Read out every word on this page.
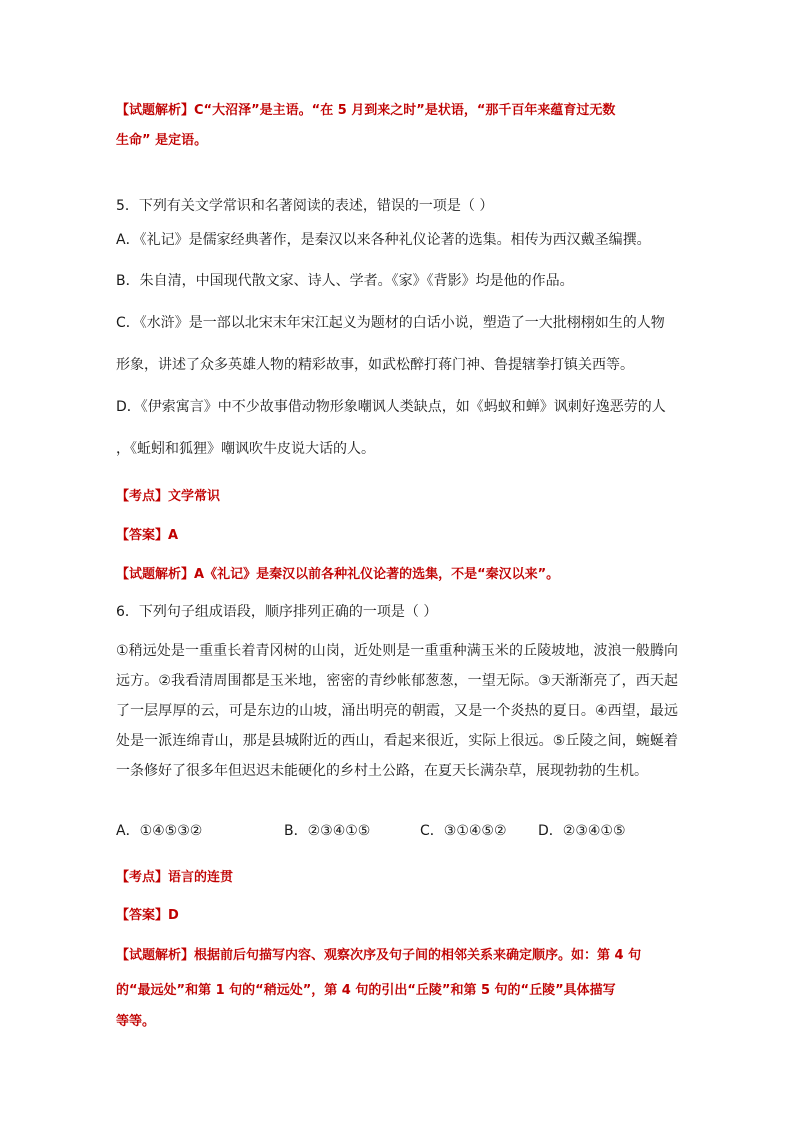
【试题解析】C“大沼泽”是主语。“在 5 月到来之时”是状语，“那千百年来蕴育过无数
生命” 是定语。
5．下列有关文学常识和名著阅读的表述，错误的一项是（ ）
A．《礼记》是儒家经典著作，是秦汉以来各种礼仪论著的选集。相传为西汉戴圣编撰。
B．朱自清，中国现代散文家、诗人、学者。《家》《背影》均是他的作品。
C．《水浒》是一部以北宋末年宋江起义为题材的白话小说，塑造了一大批栩栩如生的人物
形象，讲述了众多英雄人物的精彩故事，如武松醉打蒋门神、鲁提辖拳打镇关西等。
D．《伊索寓言》中不少故事借动物形象嘲讽人类缺点，如《蚂蚁和蝉》讽刺好逸恶劳的人
，《蚯蚓和狐狸》嘲讽吹牛皮说大话的人。
【考点】文学常识
【答案】A
【试题解析】A《礼记》是秦汉以前各种礼仪论著的选集，不是“秦汉以来”。
6．下列句子组成语段，顺序排列正确的一项是（ ）
①稍远处是一重重长着青冈树的山岗，近处则是一重重种满玉米的丘陵坡地，波浪一般腾向远方。②我看清周围都是玉米地，密密的青纱帐郁葱葱，一望无际。③天渐渐亮了，西天起了一层厚厚的云，可是东边的山坡，涌出明亮的朝霞，又是一个炎热的夏日。④西望，最远处是一派连绵青山，那是县城附近的西山，看起来很近，实际上很远。⑤丘陵之间，蜿蜒着一条修好了很多年但迟迟未能硬化的乡村土公路，在夏天长满杂草，展现勃勃的生机。
A．①④⑤③②	B．②③④①⑤	C．③①④⑤② D．②③④①⑤
【考点】语言的连贯
【答案】D
【试题解析】根据前后句描写内容、观察次序及句子间的相邻关系来确定顺序。如：第 4 句
的“最远处”和第 1 句的“稍远处”，第 4 句的引出“丘陵”和第 5 句的“丘陵”具体描写
等等。
